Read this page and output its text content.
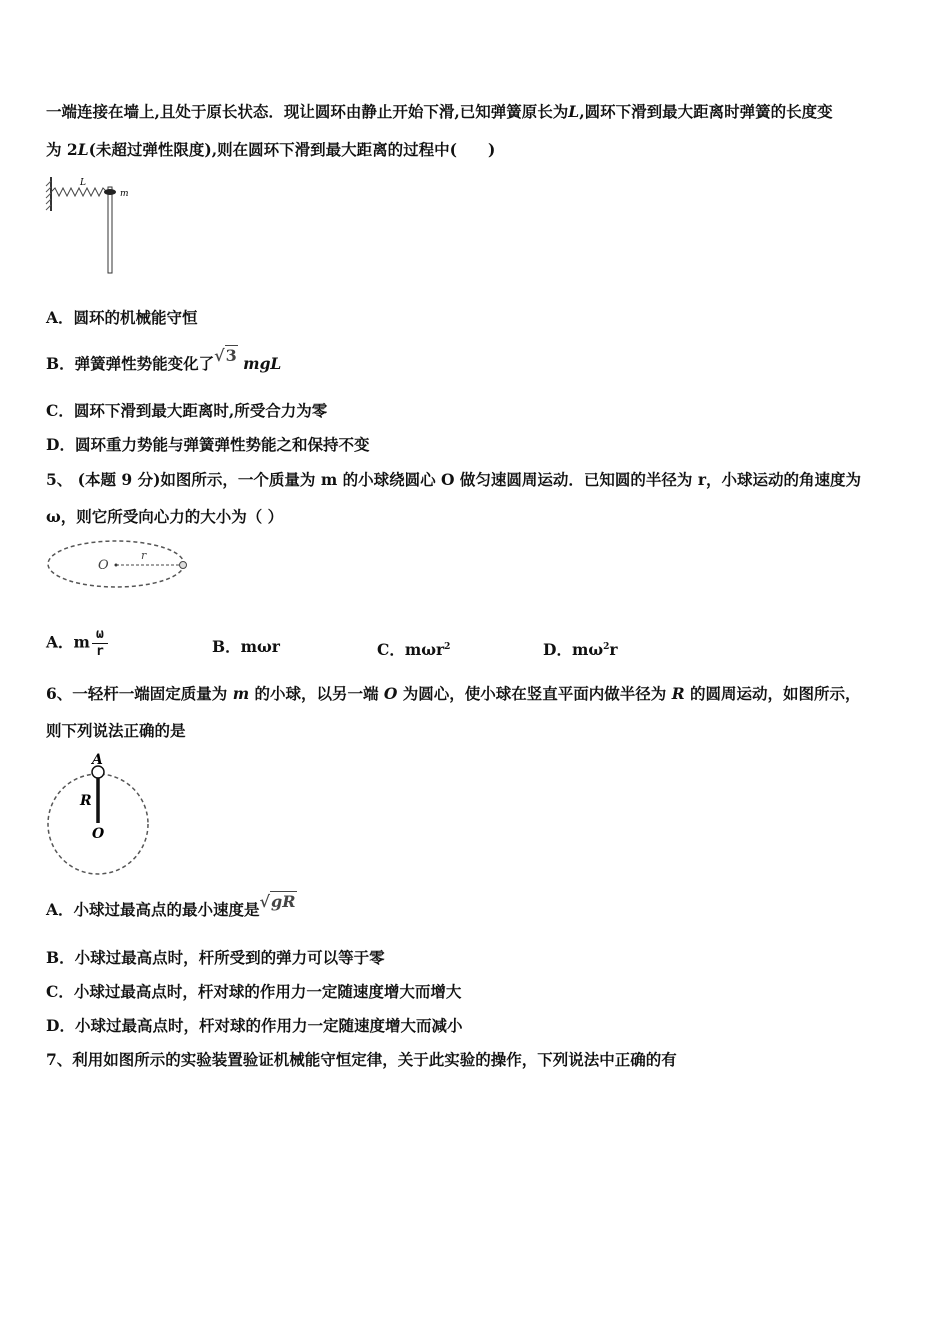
一端连接在墙上,且处于原长状态．现让圆环由静止开始下滑,已知弹簧原长为L,圆环下滑到最大距离时弹簧的长度变
为 2L(未超过弹性限度),则在圆环下滑到最大距离的过程中(　　)
L
m
A．圆环的机械能守恒
B．弹簧弹性势能变化了√3 mgL
C．圆环下滑到最大距离时,所受合力为零
D．圆环重力势能与弹簧弹性势能之和保持不变
5、 (本题 9 分)如图所示，一个质量为 m 的小球绕圆心 O 做匀速圆周运动．已知圆的半径为 r，小球运动的角速度为
ω，则它所受向心力的大小为（ ）
O
r
A．m $\frac{\omega}{r}$	B．mωr	C．mωr$^2$	D．$m\omega^2r$
6、一轻杆一端固定质量为 m 的小球，以另一端 O 为圆心，使小球在竖直平面内做半径为 R 的圆周运动，如图所示，
则下列说法正确的是
A
R
O
A．小球过最高点的最小速度是√gR
B．小球过最高点时，杆所受到的弹力可以等于零
C．小球过最高点时，杆对球的作用力一定随速度增大而增大
D．小球过最高点时，杆对球的作用力一定随速度增大而减小
7、利用如图所示的实验装置验证机械能守恒定律，关于此实验的操作，下列说法中正确的有
